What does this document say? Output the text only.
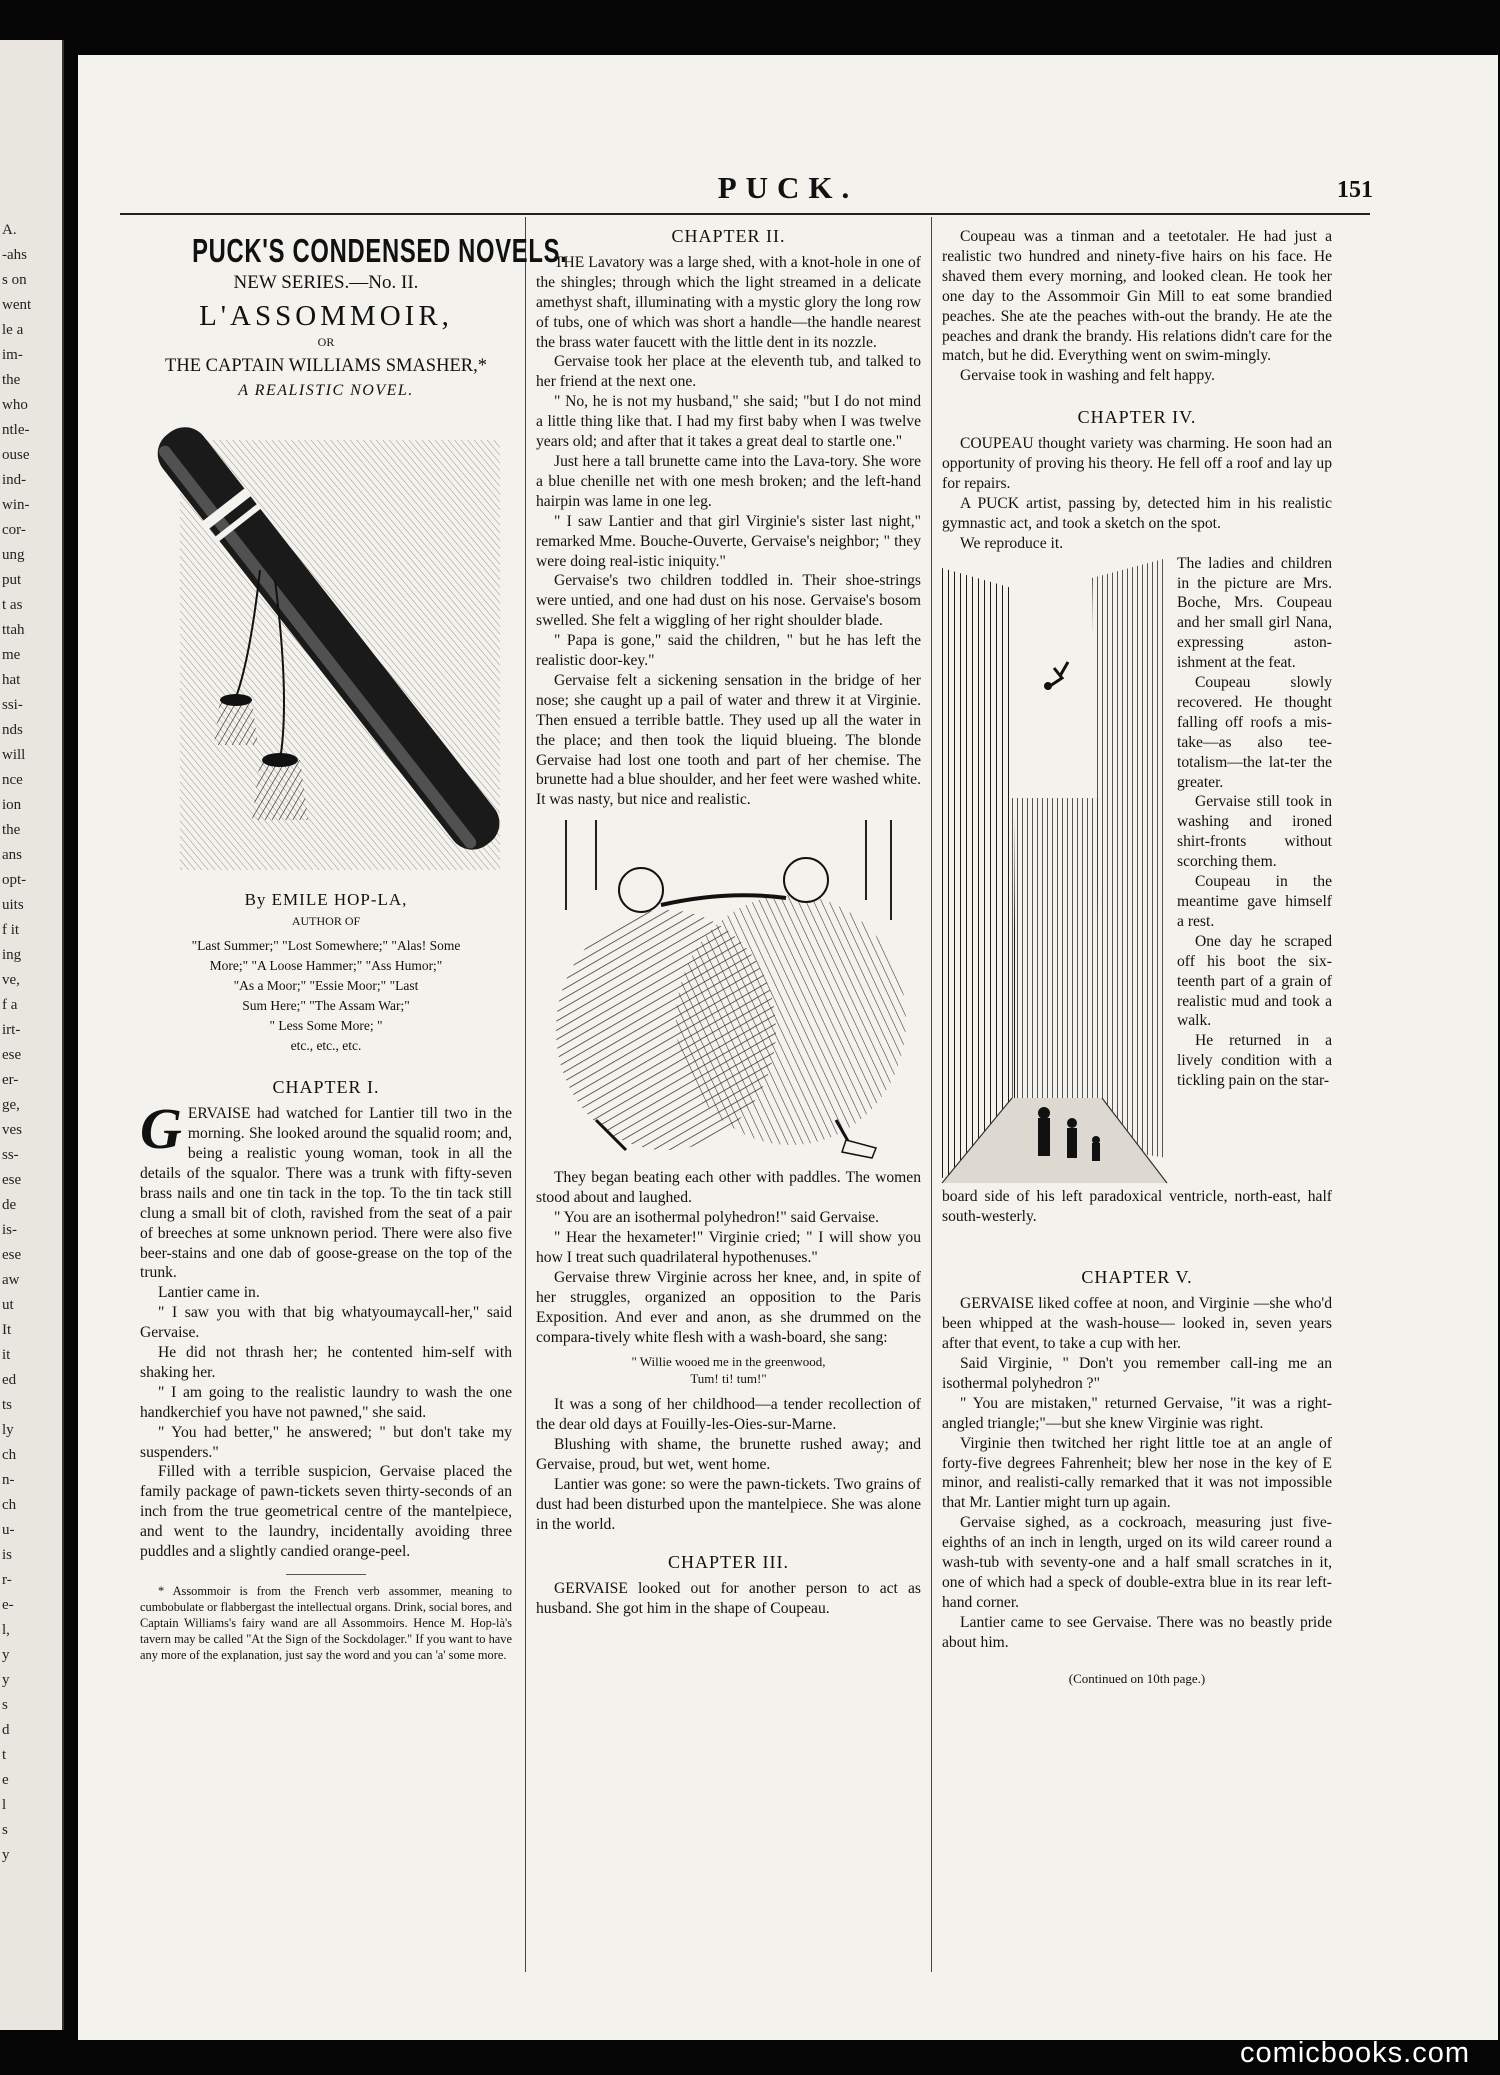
A.
-ahs
s on
went
le a
im-
the
who
ntle-
ouse
ind-
win-
cor-
ung
put
t as
ttah
me
hat
ssi-
nds
will
nce
ion
the
ans
opt-
uits
f it
ing
ve,
f a
irt-
ese
er-
ge,
ves
ss-
ese
de
is-
ese
aw
ut
It
it
ed
ts
ly
ch
n-
ch
u-
is
r-
e-
l,
y
y
s
d
t
e
l
s
y
PUCK.	151
PUCK'S CONDENSED NOVELS.
NEW SERIES.—No. II.
L'ASSOMMOIR,
OR
THE CAPTAIN WILLIAMS SMASHER,*
A REALISTIC NOVEL.
By EMILE HOP-LA,
AUTHOR OF
"Last Summer;" "Lost Somewhere;" "Alas! Some
More;" "A Loose Hammer;" "Ass Humor;"
"As a Moor;" "Essie Moor;" "Last
Sum Here;" "The Assam War;"
" Less Some More; "
etc., etc., etc.
CHAPTER I.

GERVAISE had watched for Lantier till two in the morning. She looked around the squalid room; and, being a realistic young woman, took in all the details of the squalor. There was a trunk with fifty-seven brass nails and one tin tack in the top. To the tin tack still clung a small bit of cloth, ravished from the seat of a pair of breeches at some unknown period. There were also five beer-stains and one dab of goose-grease on the top of the trunk.

Lantier came in.

" I saw you with that big whatyoumaycall-her," said Gervaise.

He did not thrash her; he contented him-self with shaking her.

" I am going to the realistic laundry to wash the one handkerchief you have not pawned," she said.

" You had better," he answered; " but don't take my suspenders."

Filled with a terrible suspicion, Gervaise placed the family package of pawn-tickets seven thirty-seconds of an inch from the true geometrical centre of the mantelpiece, and went to the laundry, incidentally avoiding three puddles and a slightly candied orange-peel.

* Assommoir is from the French verb assommer, meaning to cumbobulate or flabbergast the intellectual organs. Drink, social bores, and Captain Williams's fairy wand are all Assommoirs. Hence M. Hop-là's tavern may be called "At the Sign of the Sockdolager." If you want to have any more of the explanation, just say the word and you can 'a' some more.

CHAPTER II.

THE Lavatory was a large shed, with a knot-hole in one of the shingles; through which the light streamed in a delicate amethyst shaft, illuminating with a mystic glory the long row of tubs, one of which was short a handle—the handle nearest the brass water faucett with the little dent in its nozzle.

Gervaise took her place at the eleventh tub, and talked to her friend at the next one.

" No, he is not my husband," she said; "but I do not mind a little thing like that. I had my first baby when I was twelve years old; and after that it takes a great deal to startle one."

Just here a tall brunette came into the Lava-tory. She wore a blue chenille net with one mesh broken; and the left-hand hairpin was lame in one leg.

" I saw Lantier and that girl Virginie's sister last night," remarked Mme. Bouche-Ouverte, Gervaise's neighbor; " they were doing real-istic iniquity."

Gervaise's two children toddled in. Their shoe-strings were untied, and one had dust on his nose. Gervaise's bosom swelled. She felt a wiggling of her right shoulder blade.

" Papa is gone," said the children, " but he has left the realistic door-key."

Gervaise felt a sickening sensation in the bridge of her nose; she caught up a pail of water and threw it at Virginie. Then ensued a terrible battle. They used up all the water in the place; and then took the liquid blueing. The blonde Gervaise had lost one tooth and part of her chemise. The brunette had a blue shoulder, and her feet were washed white. It was nasty, but nice and realistic.

They began beating each other with paddles. The women stood about and laughed.

" You are an isothermal polyhedron!" said Gervaise.

" Hear the hexameter!" Virginie cried; " I will show you how I treat such quadrilateral hypothenuses."

Gervaise threw Virginie across her knee, and, in spite of her struggles, organized an opposition to the Paris Exposition. And ever and anon, as she drummed on the compara-tively white flesh with a wash-board, she sang:

" Willie wooed me in the greenwood,
Tum! ti! tum!"

It was a song of her childhood—a tender recollection of the dear old days at Fouilly-les-Oies-sur-Marne.

Blushing with shame, the brunette rushed away; and Gervaise, proud, but wet, went home.

Lantier was gone: so were the pawn-tickets. Two grains of dust had been disturbed upon the mantelpiece. She was alone in the world.

CHAPTER III.

GERVAISE looked out for another person to act as husband. She got him in the shape of Coupeau.

Coupeau was a tinman and a teetotaler. He had just a realistic two hundred and ninety-five hairs on his face. He shaved them every morning, and looked clean. He took her one day to the Assommoir Gin Mill to eat some brandied peaches. She ate the peaches with-out the brandy. He ate the peaches and drank the brandy. His relations didn't care for the match, but he did. Everything went on swim-mingly.

Gervaise took in washing and felt happy.

CHAPTER IV.

COUPEAU thought variety was charming. He soon had an opportunity of proving his theory. He fell off a roof and lay up for repairs.

A PUCK artist, passing by, detected him in his realistic gymnastic act, and took a sketch on the spot.

We reproduce it.

The ladies and children in the picture are Mrs. Boche, Mrs. Coupeau and her small girl Nana, expressing aston-ishment at the feat.

Coupeau slowly recovered. He thought falling off roofs a mis-take—as also tee-totalism—the lat-ter the greater.

Gervaise still took in washing and ironed shirt-fronts without scorching them.

Coupeau in the meantime gave himself a rest.

One day he scraped off his boot the six-teenth part of a grain of realistic mud and took a walk.

He returned in a lively condition with a tickling pain on the star-

board side of his left paradoxical ventricle, north-east, half south-westerly.

CHAPTER V.

GERVAISE liked coffee at noon, and Virginie —she who'd been whipped at the wash-house— looked in, seven years after that event, to take a cup with her.

Said Virginie, " Don't you remember call-ing me an isothermal polyhedron ?"

" You are mistaken," returned Gervaise, "it was a right-angled triangle;"—but she knew Virginie was right.

Virginie then twitched her right little toe at an angle of forty-five degrees Fahrenheit; blew her nose in the key of E minor, and realisti-cally remarked that it was not impossible that Mr. Lantier might turn up again.

Gervaise sighed, as a cockroach, measuring just five-eighths of an inch in length, urged on its wild career round a wash-tub with seventy-one and a half small scratches in it, one of which had a speck of double-extra blue in its rear left-hand corner.

Lantier came to see Gervaise. There was no beastly pride about him.

(Continued on 10th page.)
comicbooks.com
